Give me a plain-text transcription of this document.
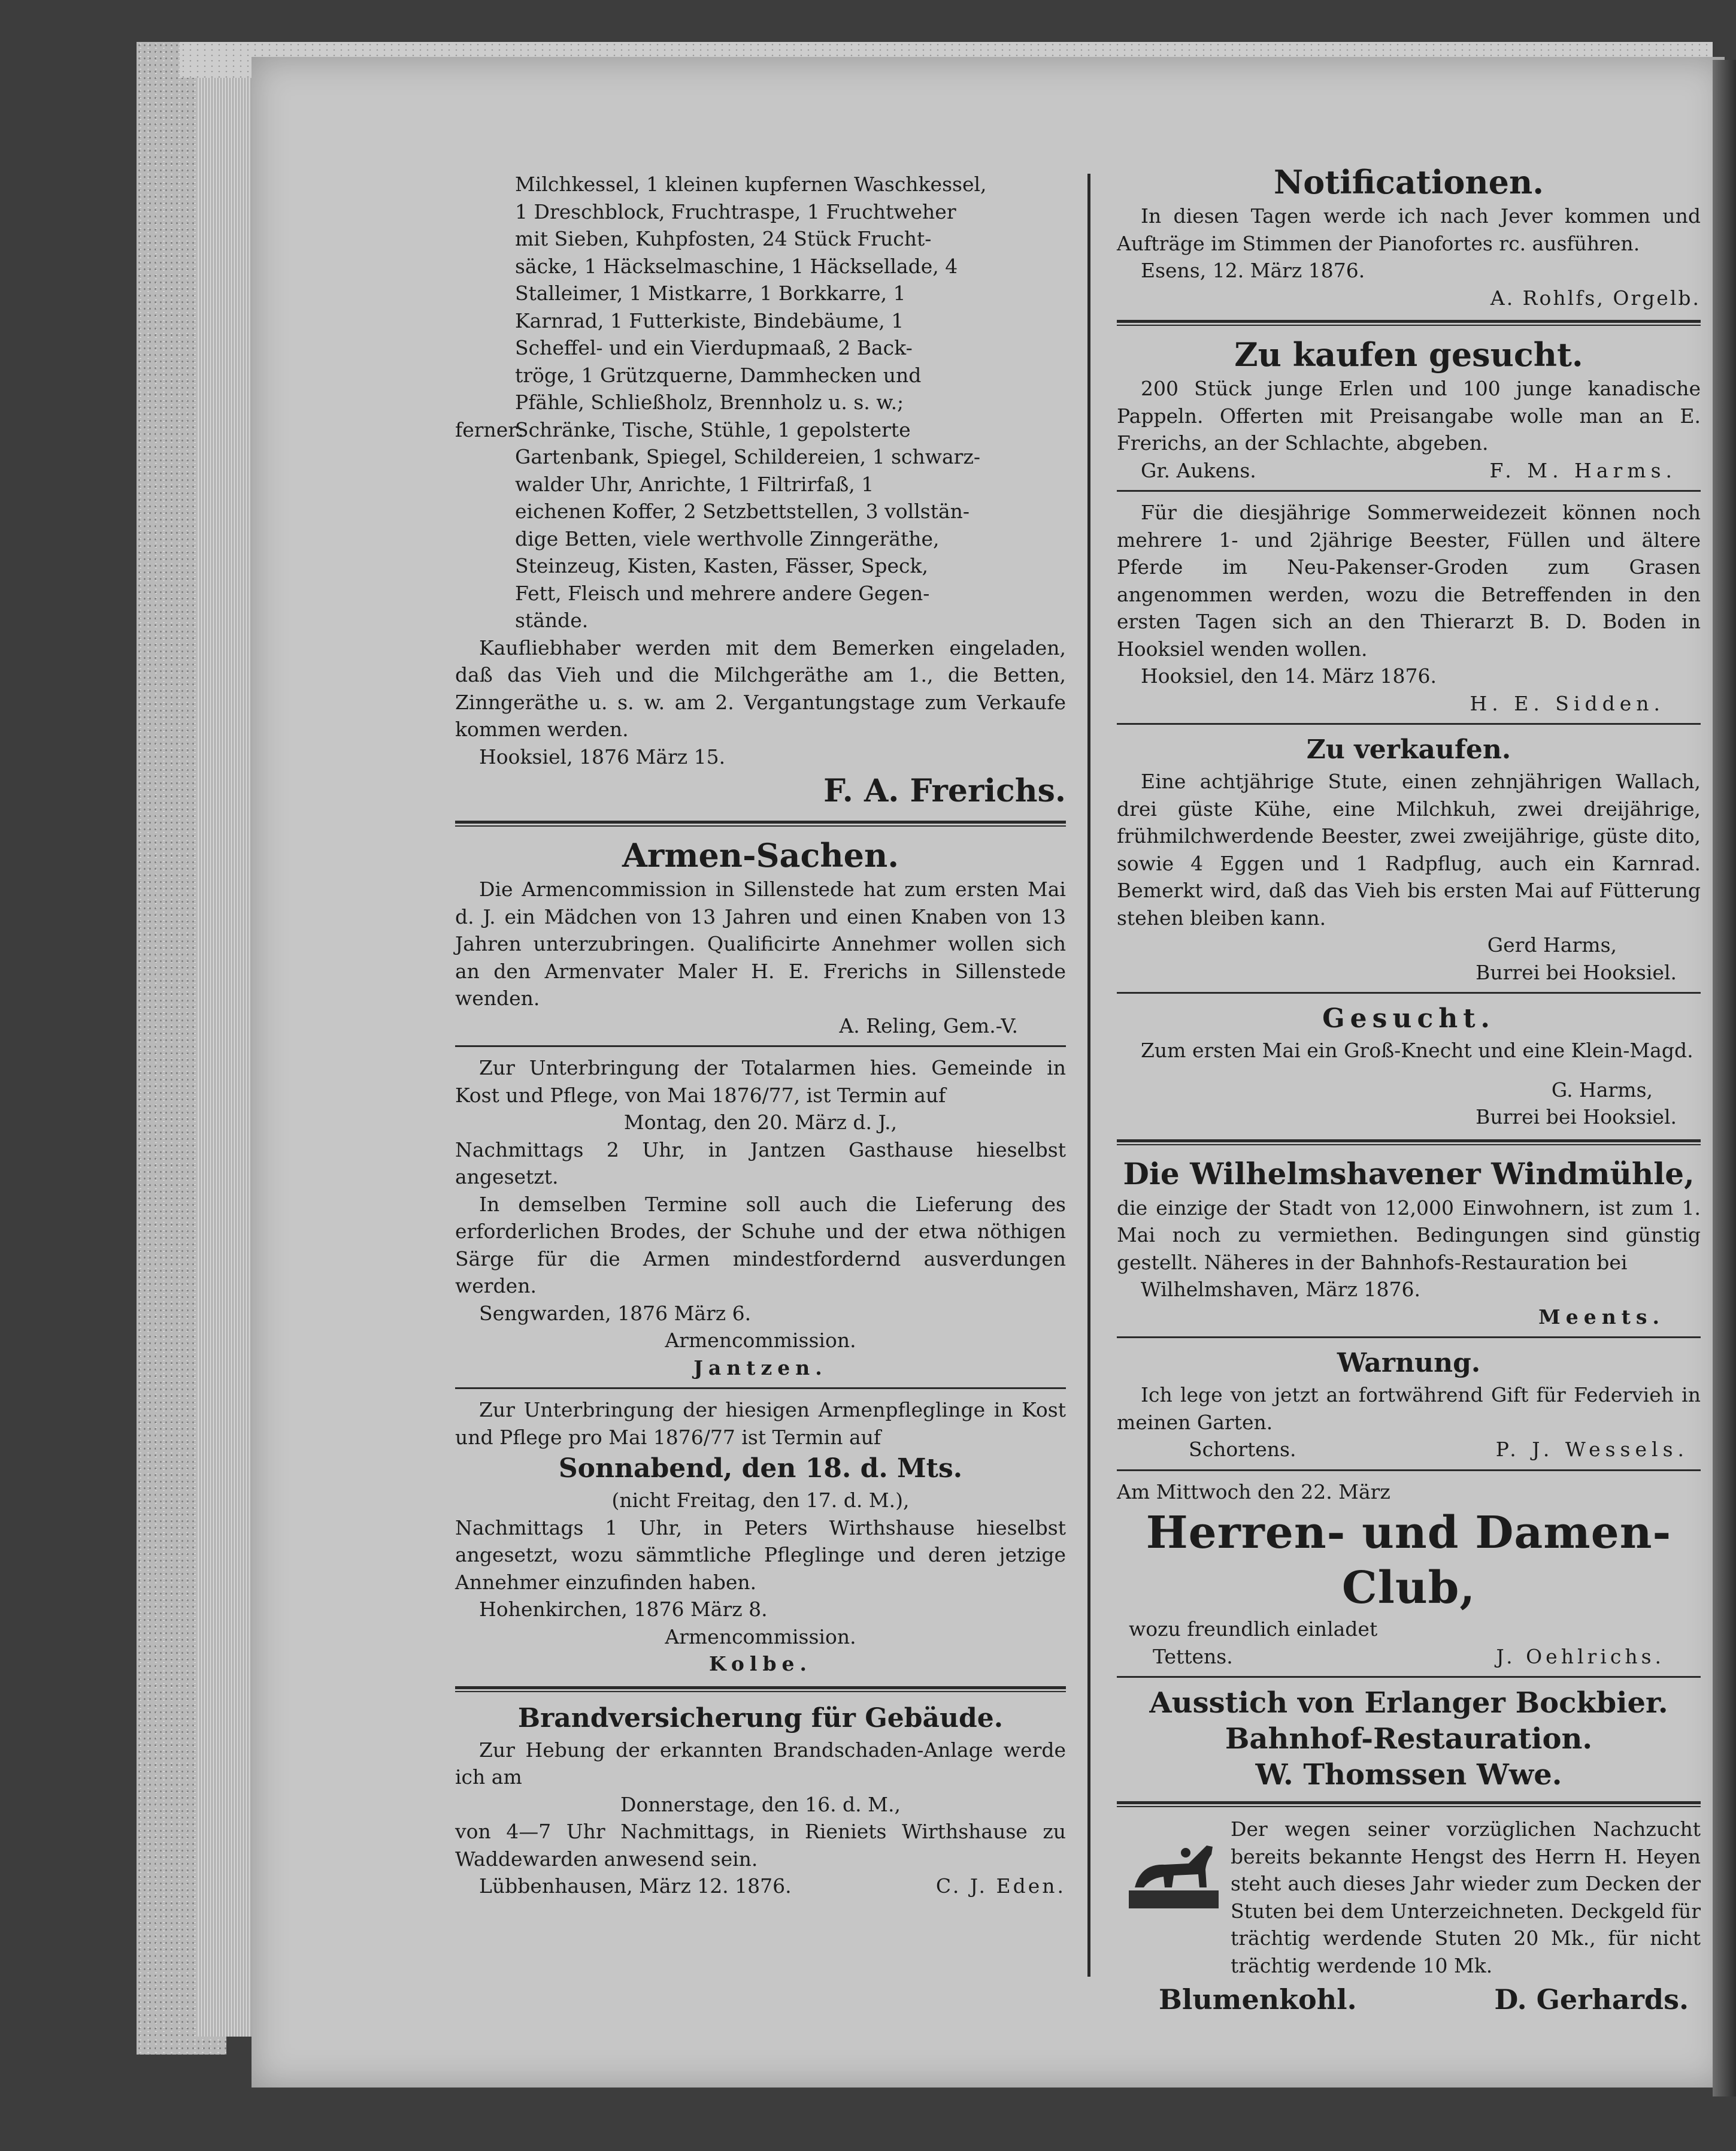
Milchkessel, 1 kleinen kupfernen Waschkessel,

1 Dreschblock, Fruchtraspe, 1 Fruchtweher

mit Sieben, Kuhpfosten, 24 Stück Frucht-

säcke, 1 Häckselmaschine, 1 Häcksellade, 4

Stalleimer, 1 Mistkarre, 1 Borkkarre, 1

Karnrad, 1 Futterkiste, Bindebäume, 1

Scheffel- und ein Vierdupmaaß, 2 Back-

tröge, 1 Grützquerne, Dammhecken und

Pfähle, Schließholz, Brennholz u. s. w.;

ferner:

Schränke, Tische, Stühle, 1 gepolsterte

Gartenbank, Spiegel, Schildereien, 1 schwarz-

walder Uhr, Anrichte, 1 Filtrirfaß, 1

eichenen Koffer, 2 Setzbettstellen, 3 vollstän-

dige Betten, viele werthvolle Zinngeräthe,

Steinzeug, Kisten, Kasten, Fässer, Speck,

Fett, Fleisch und mehrere andere Gegen-

stände.

Kaufliebhaber werden mit dem Bemerken eingeladen, daß das Vieh und die Milchgeräthe am 1., die Betten, Zinngeräthe u. s. w. am 2. Vergantungstage zum Verkaufe kommen werden.

Hooksiel, 1876 März 15.

F. A. Frerichs.

Armen-Sachen.

Die Armencommission in Sillenstede hat zum ersten Mai d. J. ein Mädchen von 13 Jahren und einen Knaben von 13 Jahren unterzubringen. Qualificirte Annehmer wollen sich an den Armenvater Maler H. E. Frerichs in Sillenstede wenden.

A. Reling, Gem.-V.

Zur Unterbringung der Totalarmen hies. Gemeinde in Kost und Pflege, von Mai 1876/77, ist Termin auf

Montag, den 20. März d. J.,

Nachmittags 2 Uhr, in Jantzen Gasthause hieselbst angesetzt.

In demselben Termine soll auch die Lieferung des erforderlichen Brodes, der Schuhe und der etwa nöthigen Särge für die Armen mindestfordernd ausverdungen werden.

Sengwarden, 1876 März 6.

Armencommission.

Jantzen.

Zur Unterbringung der hiesigen Armenpfleglinge in Kost und Pflege pro Mai 1876/77 ist Termin auf

Sonnabend, den 18. d. Mts.

(nicht Freitag, den 17. d. M.),

Nachmittags 1 Uhr, in Peters Wirthshause hieselbst angesetzt, wozu sämmtliche Pfleglinge und deren jetzige Annehmer einzufinden haben.

Hohenkirchen, 1876 März 8.

Armencommission.

Kolbe.

Brandversicherung für Gebäude.

Zur Hebung der erkannten Brandschaden-Anlage werde ich am

Donnerstage, den 16. d. M.,

von 4—7 Uhr Nachmittags, in Rieniets Wirthshause zu Waddewarden anwesend sein.

Lübbenhausen, März 12. 1876.	C. J. Eden.

Notificationen.

In diesen Tagen werde ich nach Jever kommen und Aufträge im Stimmen der Pianofortes rc. ausführen.

Esens, 12. März 1876.

A. Rohlfs, Orgelb.

Zu kaufen gesucht.

200 Stück junge Erlen und 100 junge kanadische Pappeln. Offerten mit Preisangabe wolle man an E. Frerichs, an der Schlachte, abgeben.

Gr. Aukens.	F. M. Harms.

Für die diesjährige Sommerweidezeit können noch mehrere 1- und 2jährige Beester, Füllen und ältere Pferde im Neu-Pakenser-Groden zum Grasen angenommen werden, wozu die Betreffenden in den ersten Tagen sich an den Thierarzt B. D. Boden in Hooksiel wenden wollen.

Hooksiel, den 14. März 1876.

H. E. Sidden.

Zu verkaufen.

Eine achtjährige Stute, einen zehnjährigen Wallach, drei güste Kühe, eine Milchkuh, zwei dreijährige, frühmilchwerdende Beester, zwei zweijährige, güste dito, sowie 4 Eggen und 1 Radpflug, auch ein Karnrad. Bemerkt wird, daß das Vieh bis ersten Mai auf Fütterung stehen bleiben kann.

Gerd Harms,

Burrei bei Hooksiel.

Gesucht.

Zum ersten Mai ein Groß-Knecht und eine Klein-Magd.

G. Harms,

Burrei bei Hooksiel.

Die Wilhelmshavener Windmühle,

die einzige der Stadt von 12,000 Einwohnern, ist zum 1. Mai noch zu vermiethen. Bedingungen sind günstig gestellt. Näheres in der Bahnhofs-Restauration bei

Wilhelmshaven, März 1876.

Meents.

Warnung.

Ich lege von jetzt an fortwährend Gift für Federvieh in meinen Garten.

Schortens.	P. J. Wessels.

Am Mittwoch den 22. März

Herren- und Damen-Club,

wozu freundlich einladet

Tettens.	J. Oehlrichs.

Ausstich von Erlanger Bockbier.

Bahnhof-Restauration.

W. Thomssen Wwe.

Der wegen seiner vorzüglichen Nachzucht bereits bekannte Hengst des Herrn H. Heyen steht auch dieses Jahr wieder zum Decken der Stuten bei dem Unterzeichneten. Deckgeld für trächtig werdende Stuten 20 Mk., für nicht trächtig werdende 10 Mk.

Blumenkohl.	D. Gerhards.
